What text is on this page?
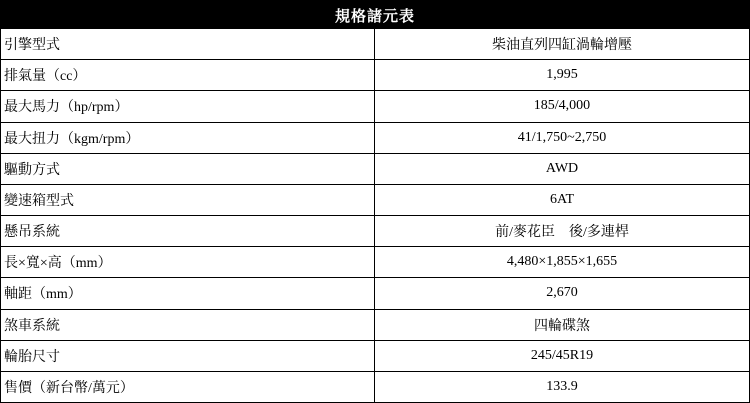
規格諸元表
引擎型式	柴油直列四缸渦輪增壓
排氣量（cc）	1,995
最大馬力（hp/rpm）	185/4,000
最大扭力（kgm/rpm）	41/1,750~2,750
驅動方式	AWD
變速箱型式	6AT
懸吊系統	前/麥花臣　後/多連桿
長×寬×高（mm）	4,480×1,855×1,655
軸距（mm）	2,670
煞車系統	四輪碟煞
輪胎尺寸	245/45R19
售價（新台幣/萬元）	133.9
